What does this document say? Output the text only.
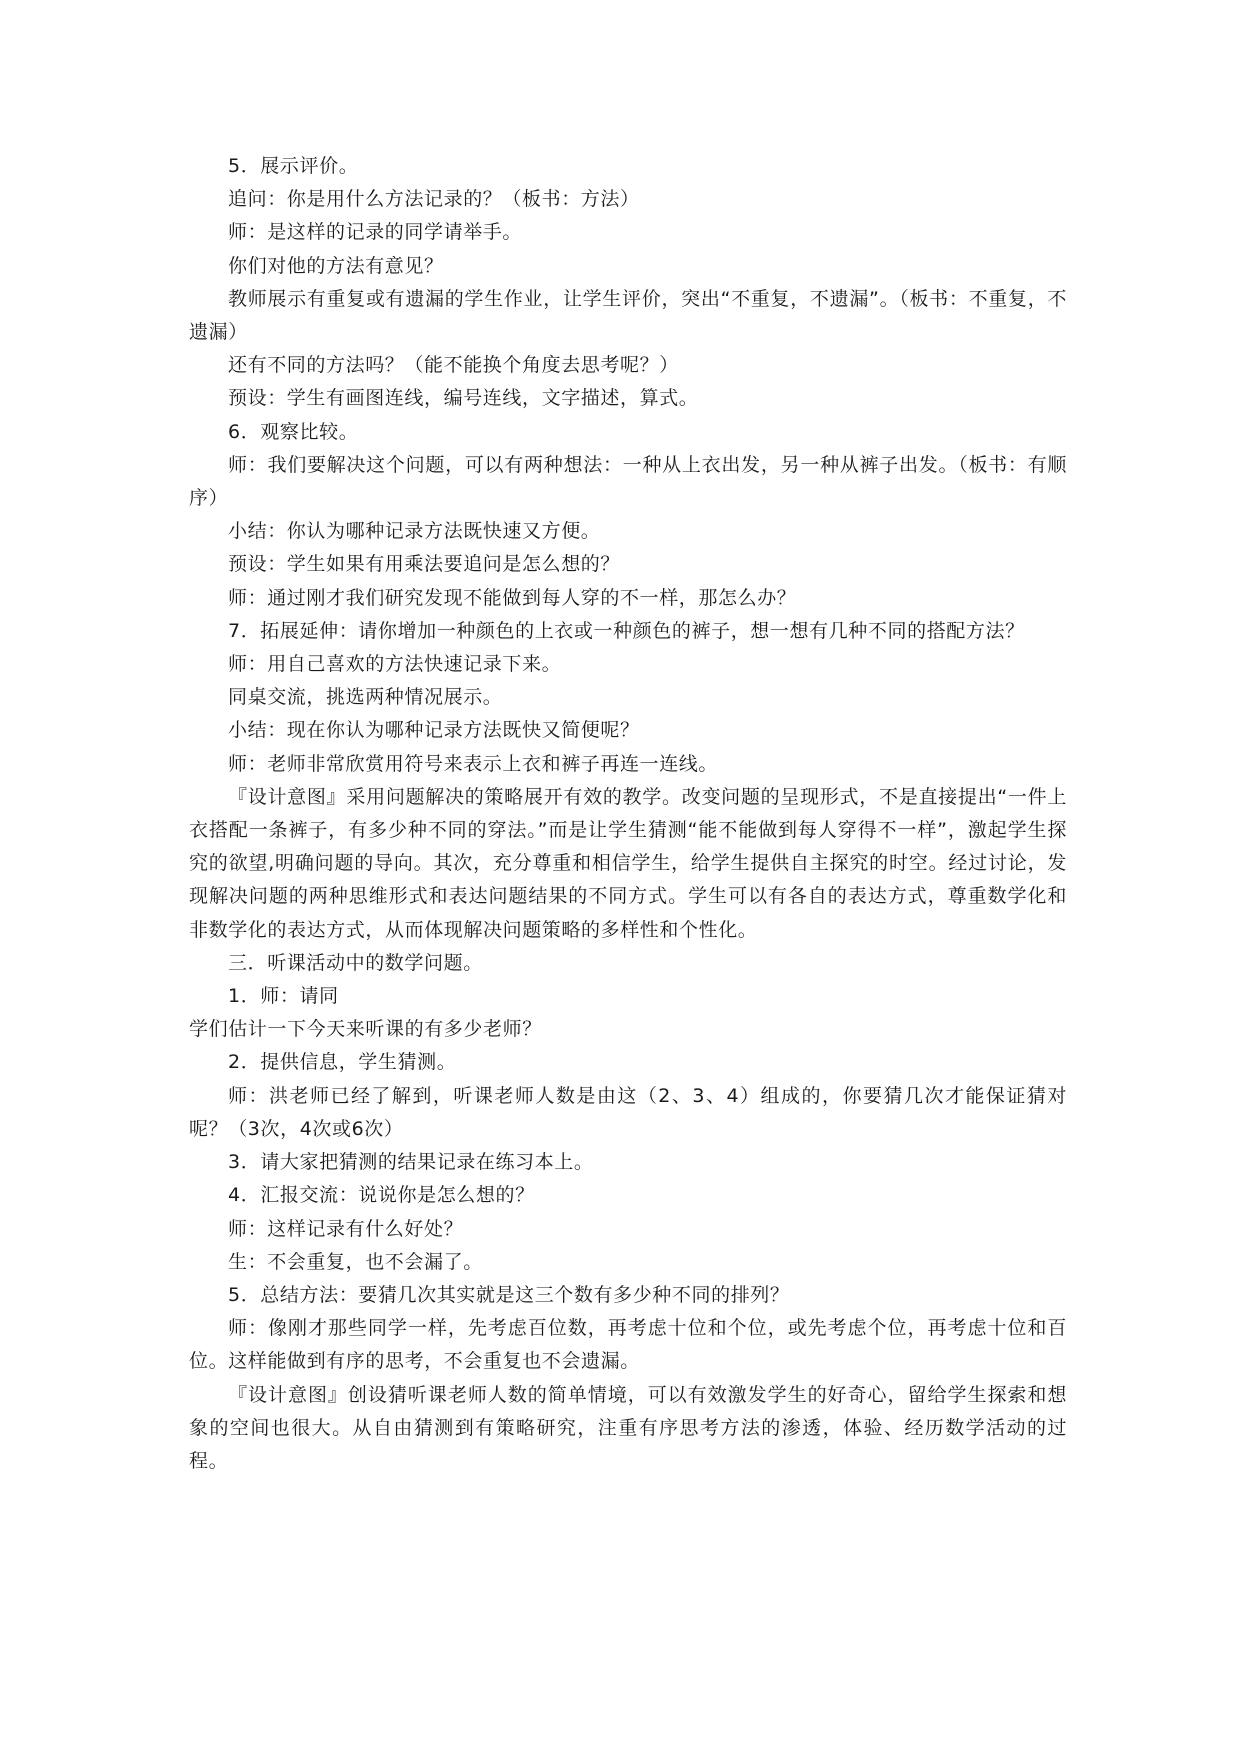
5．展示评价。

追问：你是用什么方法记录的？（板书：方法）

师：是这样的记录的同学请举手。

你们对他的方法有意见？

教师展示有重复或有遗漏的学生作业，让学生评价，突出“不重复，不遗漏”。（板书：不重复，不遗漏）

还有不同的方法吗？（能不能换个角度去思考呢？）

预设：学生有画图连线，编号连线，文字描述，算式。

6．观察比较。

师：我们要解决这个问题，可以有两种想法：一种从上衣出发，另一种从裤子出发。（板书：有顺序）

小结：你认为哪种记录方法既快速又方便。

预设：学生如果有用乘法要追问是怎么想的？

师：通过刚才我们研究发现不能做到每人穿的不一样，那怎么办？

7．拓展延伸：请你增加一种颜色的上衣或一种颜色的裤子，想一想有几种不同的搭配方法？

师：用自己喜欢的方法快速记录下来。

同桌交流，挑选两种情况展示。

小结：现在你认为哪种记录方法既快又简便呢？

师：老师非常欣赏用符号来表示上衣和裤子再连一连线。

『设计意图』采用问题解决的策略展开有效的教学。改变问题的呈现形式，不是直接提出“一件上衣搭配一条裤子，有多少种不同的穿法。”而是让学生猜测“能不能做到每人穿得不一样”，激起学生探究的欲望,明确问题的导向。其次，充分尊重和相信学生，给学生提供自主探究的时空。经过讨论，发现解决问题的两种思维形式和表达问题结果的不同方式。学生可以有各自的表达方式，尊重数学化和非数学化的表达方式，从而体现解决问题策略的多样性和个性化。

三．听课活动中的数学问题。

1．师：请同

学们估计一下今天来听课的有多少老师？

2．提供信息，学生猜测。

师：洪老师已经了解到，听课老师人数是由这（2、3、4）组成的，你要猜几次才能保证猜对呢？（3次，4次或6次）

3．请大家把猜测的结果记录在练习本上。

4．汇报交流：说说你是怎么想的？

师：这样记录有什么好处？

生：不会重复，也不会漏了。

5．总结方法：要猜几次其实就是这三个数有多少种不同的排列？

师：像刚才那些同学一样，先考虑百位数，再考虑十位和个位，或先考虑个位，再考虑十位和百位。这样能做到有序的思考，不会重复也不会遗漏。

『设计意图』创设猜听课老师人数的简单情境，可以有效激发学生的好奇心，留给学生探索和想象的空间也很大。从自由猜测到有策略研究，注重有序思考方法的渗透，体验、经历数学活动的过程。
